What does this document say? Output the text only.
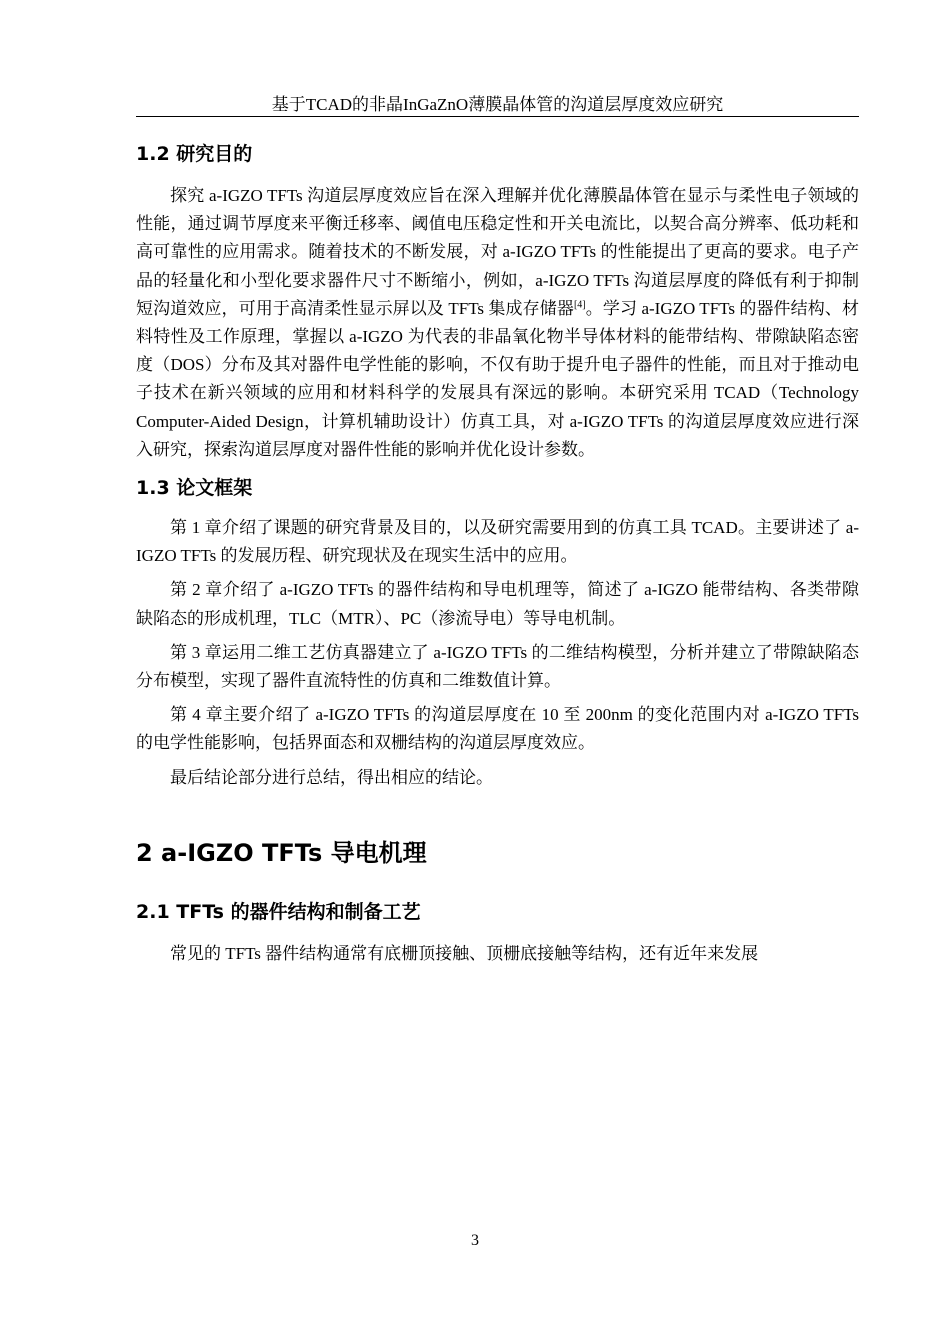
基于TCAD的非晶InGaZnO薄膜晶体管的沟道层厚度效应研究
1.2 研究目的

探究 a-IGZO TFTs 沟道层厚度效应旨在深入理解并优化薄膜晶体管在显示与柔性电子领域的性能，通过调节厚度来平衡迁移率、阈值电压稳定性和开关电流比，以契合高分辨率、低功耗和高可靠性的应用需求。随着技术的不断发展，对 a-IGZO TFTs 的性能提出了更高的要求。电子产品的轻量化和小型化要求器件尺寸不断缩小，例如，a-IGZO TFTs 沟道层厚度的降低有利于抑制短沟道效应，可用于高清柔性显示屏以及 TFTs 集成存储器[4]。学习 a-IGZO TFTs 的器件结构、材料特性及工作原理，掌握以 a-IGZO 为代表的非晶氧化物半导体材料的能带结构、带隙缺陷态密度（DOS）分布及其对器件电学性能的影响，不仅有助于提升电子器件的性能，而且对于推动电子技术在新兴领域的应用和材料科学的发展具有深远的影响。本研究采用 TCAD（Technology Computer-Aided Design，计算机辅助设计）仿真工具，对 a-IGZO TFTs 的沟道层厚度效应进行深入研究，探索沟道层厚度对器件性能的影响并优化设计参数。

1.3 论文框架

第 1 章介绍了课题的研究背景及目的，以及研究需要用到的仿真工具 TCAD。主要讲述了 a-IGZO TFTs 的发展历程、研究现状及在现实生活中的应用。

第 2 章介绍了 a-IGZO TFTs 的器件结构和导电机理等，简述了 a-IGZO 能带结构、各类带隙缺陷态的形成机理，TLC（MTR）、PC（渗流导电）等导电机制。

第 3 章运用二维工艺仿真器建立了 a-IGZO TFTs 的二维结构模型，分析并建立了带隙缺陷态分布模型，实现了器件直流特性的仿真和二维数值计算。

第 4 章主要介绍了 a-IGZO TFTs 的沟道层厚度在 10 至 200nm 的变化范围内对 a-IGZO TFTs 的电学性能影响，包括界面态和双栅结构的沟道层厚度效应。

最后结论部分进行总结，得出相应的结论。

2 a-IGZO TFTs 导电机理
2.1 TFTs 的器件结构和制备工艺

常见的 TFTs 器件结构通常有底栅顶接触、顶栅底接触等结构，还有近年来发展

3
